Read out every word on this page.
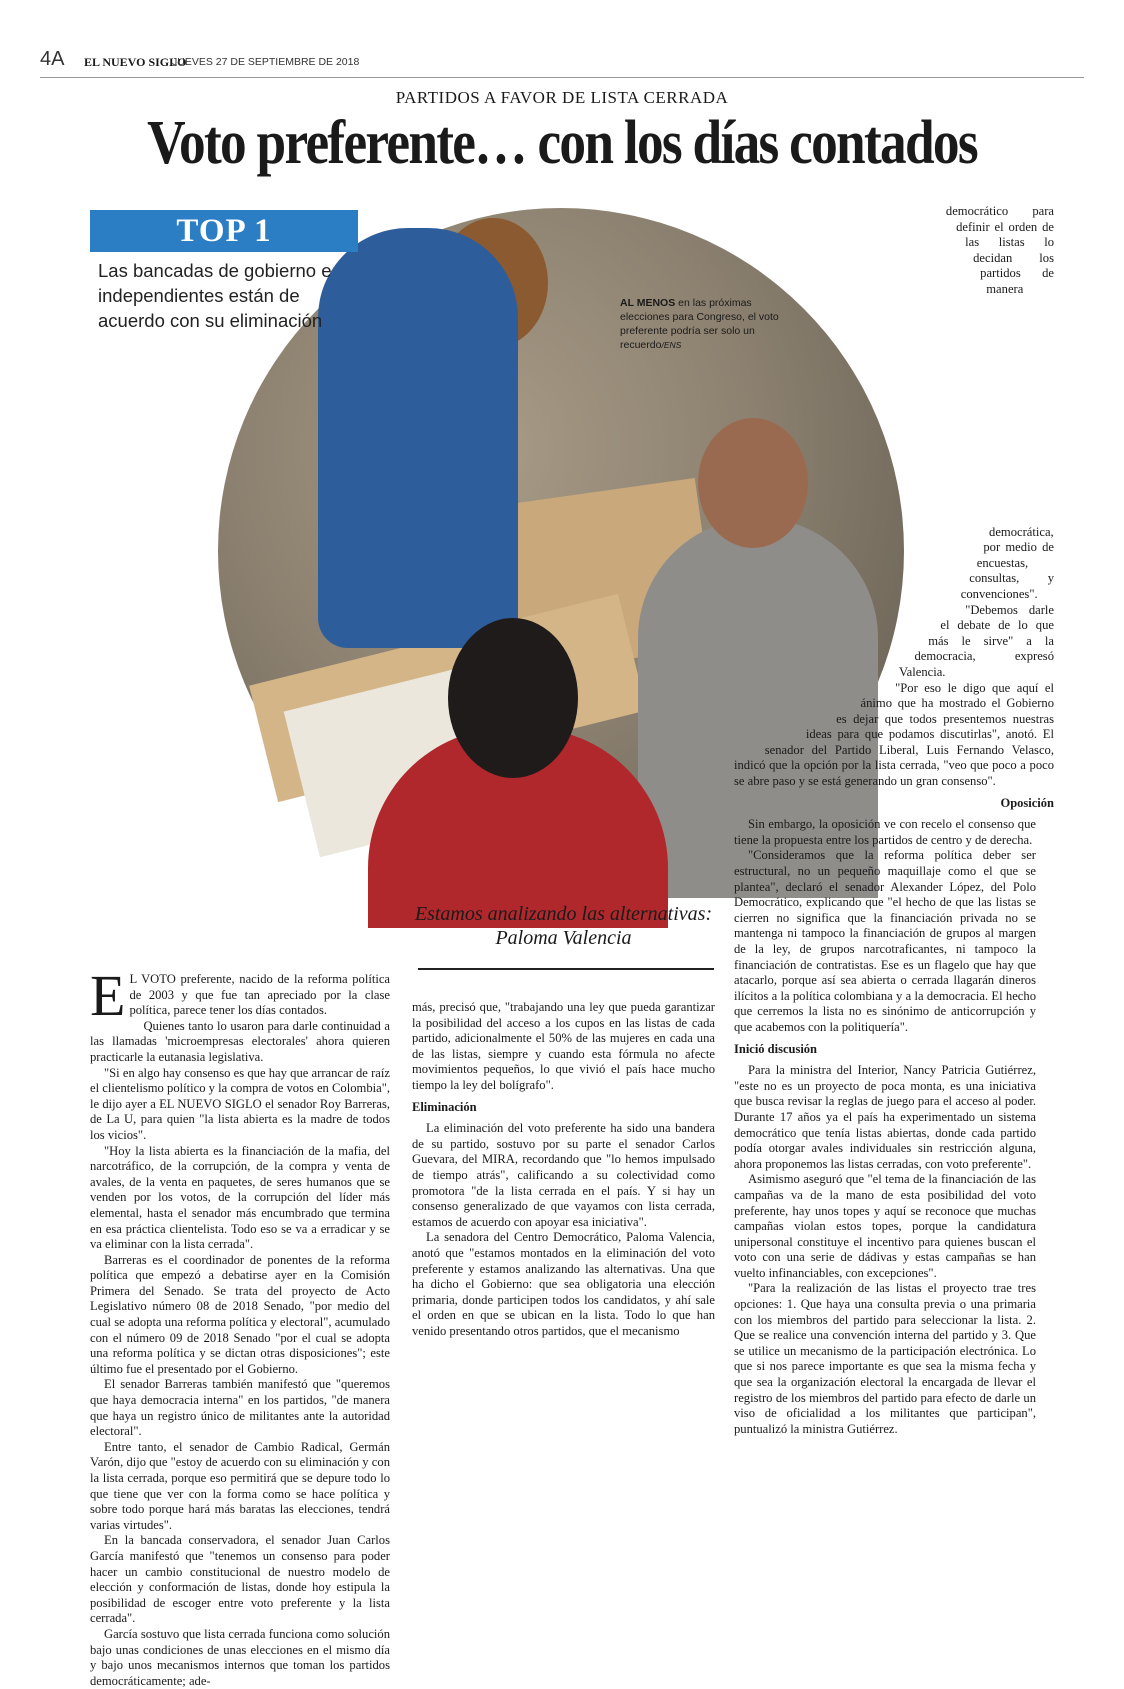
4A EL NUEVO SIGLO
JUEVES 27 DE SEPTIEMBRE DE 2018
PARTIDOS A FAVOR DE LISTA CERRADA
Voto preferente… con los días contados
TOP 1
Las bancadas de gobierno e independientes están de acuerdo con su eliminación
AL MENOS en las próximas elecciones para Congreso, el voto preferente podría ser solo un recuerdo/ENS

E L VOTO preferente, nacido de la reforma política de 2003 y que fue tan apreciado por la clase política, parece tener los días contados.

Quienes tanto lo usaron para darle continuidad a las llamadas 'microempresas electorales' ahora quieren practicarle la eutanasia legislativa.

"Si en algo hay consenso es que hay que arrancar de raíz el clientelismo político y la compra de votos en Colombia", le dijo ayer a EL NUEVO SIGLO el senador Roy Barreras, de La U, para quien "la lista abierta es la madre de todos los vicios".

"Hoy la lista abierta es la financiación de la mafia, del narcotráfico, de la corrupción, de la compra y venta de avales, de la venta en paquetes, de seres humanos que se venden por los votos, de la corrupción del líder más elemental, hasta el senador más encumbrado que termina en esa práctica clientelista. Todo eso se va a erradicar y se va eliminar con la lista cerrada".

Barreras es el coordinador de ponentes de la reforma política que empezó a debatirse ayer en la Comisión Primera del Senado. Se trata del proyecto de Acto Legislativo número 08 de 2018 Senado, "por medio del cual se adopta una reforma política y electoral", acumulado con el número 09 de 2018 Senado "por el cual se adopta una reforma política y se dictan otras disposiciones"; este último fue el presentado por el Gobierno.

El senador Barreras también manifestó que "queremos que haya democracia interna" en los partidos, "de manera que haya un registro único de militantes ante la autoridad electoral".

Entre tanto, el senador de Cambio Radical, Germán Varón, dijo que "estoy de acuerdo con su eliminación y con la lista cerrada, porque eso permitirá que se depure todo lo que tiene que ver con la forma como se hace política y sobre todo porque hará más baratas las elecciones, tendrá varias virtudes".

En la bancada conservadora, el senador Juan Carlos García manifestó que "tenemos un consenso para poder hacer un cambio constitucional de nuestro modelo de elección y conformación de listas, donde hoy estipula la posibilidad de escoger entre voto preferente y la lista cerrada".

García sostuvo que lista cerrada funciona como solución bajo unas condiciones de unas elecciones en el mismo día y bajo unos mecanismos internos que toman los partidos democráticamente; ade-

Estamos analizando las alternativas: Paloma Valencia

más, precisó que, "trabajando una ley que pueda garantizar la posibilidad del acceso a los cupos en las listas de cada partido, adicionalmente el 50% de las mujeres en cada una de las listas, siempre y cuando esta fórmula no afecte movimientos pequeños, lo que vivió el país hace mucho tiempo la ley del bolígrafo".

Eliminación

La eliminación del voto preferente ha sido una bandera de su partido, sostuvo por su parte el senador Carlos Guevara, del MIRA, recordando que "lo hemos impulsado de tiempo atrás", calificando a su colectividad como promotora "de la lista cerrada en el país. Y si hay un consenso generalizado de que vayamos con lista cerrada, estamos de acuerdo con apoyar esa iniciativa".

La senadora del Centro Democrático, Paloma Valencia, anotó que "estamos montados en la eliminación del voto preferente y estamos analizando las alternativas. Una que ha dicho el Gobierno: que sea obligatoria una elección primaria, donde participen todos los candidatos, y ahí sale el orden en que se ubican en la lista. Todo lo que han venido presentando otros partidos, que el mecanismo

democrático para definir el orden de las listas lo decidan los partidos de manera democrática, por medio de encuestas, consultas, y convenciones".

"Debemos darle el debate de lo que más le sirve" a la democracia, expresó Valencia.

"Por eso le digo que aquí el ánimo que ha mostrado el Gobierno es dejar que todos presentemos nuestras ideas para que podamos discutirlas", anotó. El senador del Partido Liberal, Luis Fernando Velasco, indicó que la opción por la lista cerrada, "veo que poco a poco se abre paso y se está generando un gran consenso".

Oposición

Sin embargo, la oposición ve con recelo el consenso que tiene la propuesta entre los partidos de centro y de derecha.

"Consideramos que la reforma política deber ser estructural, no un pequeño maquillaje como el que se plantea", declaró el senador Alexander López, del Polo Democrático, explicando que "el hecho de que las listas se cierren no significa que la financiación privada no se mantenga ni tampoco la financiación de grupos al margen de la ley, de grupos narcotraficantes, ni tampoco la financiación de contratistas. Ese es un flagelo que hay que atacarlo, porque así sea abierta o cerrada llagarán dineros ilícitos a la política colombiana y a la democracia. El hecho que cerremos la lista no es sinónimo de anticorrupción y que acabemos con la politiquería".

Inició discusión

Para la ministra del Interior, Nancy Patricia Gutiérrez, "este no es un proyecto de poca monta, es una iniciativa que busca revisar la reglas de juego para el acceso al poder. Durante 17 años ya el país ha experimentado un sistema democrático que tenía listas abiertas, donde cada partido podía otorgar avales individuales sin restricción alguna, ahora proponemos las listas cerradas, con voto preferente".

Asimismo aseguró que "el tema de la financiación de las campañas va de la mano de esta posibilidad del voto preferente, hay unos topes y aquí se reconoce que muchas campañas violan estos topes, porque la candidatura unipersonal constituye el incentivo para quienes buscan el voto con una serie de dádivas y estas campañas se han vuelto infinanciables, con excepciones".

"Para la realización de las listas el proyecto trae tres opciones: 1. Que haya una consulta previa o una primaria con los miembros del partido para seleccionar la lista. 2. Que se realice una convención interna del partido y 3. Que se utilice un mecanismo de la participación electrónica. Lo que si nos parece importante es que sea la misma fecha y que sea la organización electoral la encargada de llevar el registro de los miembros del partido para efecto de darle un viso de oficialidad a los militantes que participan", puntualizó la ministra Gutiérrez.
